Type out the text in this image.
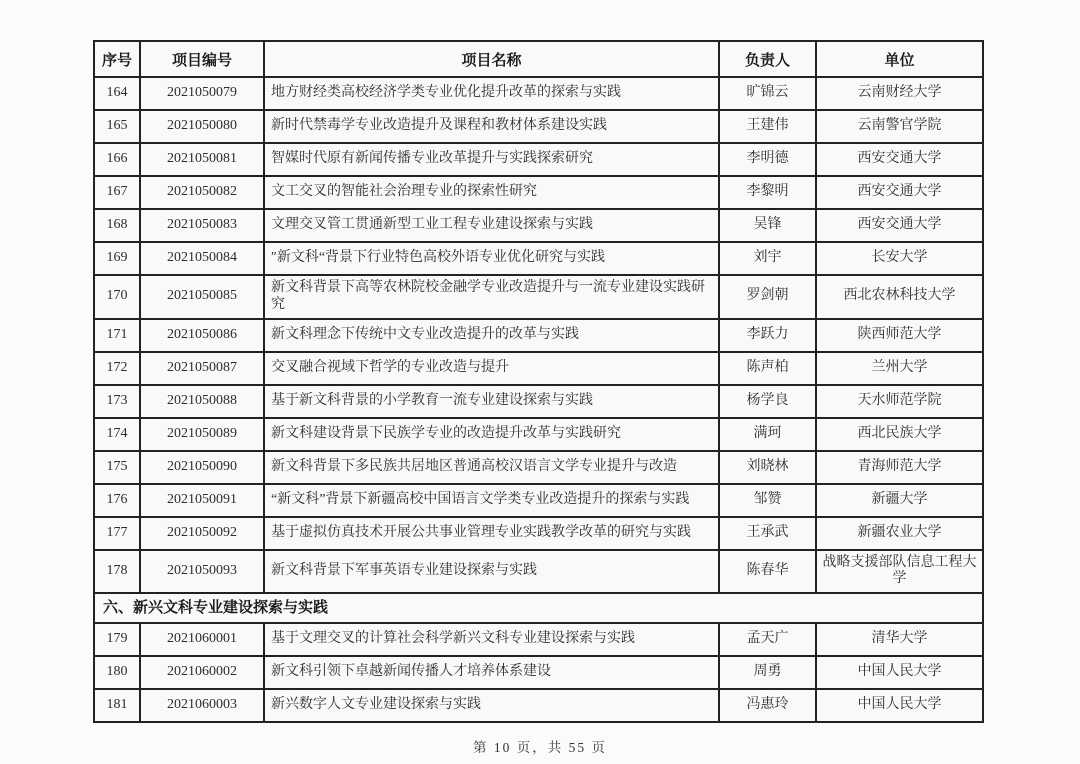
序号	项目编号	项目名称	负责人	单位
164	2021050079	地方财经类高校经济学类专业优化提升改革的探索与实践	旷锦云	云南财经大学
165	2021050080	新时代禁毒学专业改造提升及课程和教材体系建设实践	王建伟	云南警官学院
166	2021050081	智媒时代原有新闻传播专业改革提升与实践探索研究	李明德	西安交通大学
167	2021050082	文工交叉的智能社会治理专业的探索性研究	李黎明	西安交通大学
168	2021050083	文理交叉管工贯通新型工业工程专业建设探索与实践	吴锋	西安交通大学
169	2021050084	″新文科“背景下行业特色高校外语专业优化研究与实践	刘宇	长安大学
170	2021050085	新文科背景下高等农林院校金融学专业改造提升与一流专业建设实践研究	罗剑朝	西北农林科技大学
171	2021050086	新文科理念下传统中文专业改造提升的改革与实践	李跃力	陕西师范大学
172	2021050087	交叉融合视域下哲学的专业改造与提升	陈声柏	兰州大学
173	2021050088	基于新文科背景的小学教育一流专业建设探索与实践	杨学良	天水师范学院
174	2021050089	新文科建设背景下民族学专业的改造提升改革与实践研究	满珂	西北民族大学
175	2021050090	新文科背景下多民族共居地区普通高校汉语言文学专业提升与改造	刘晓林	青海师范大学
176	2021050091	“新文科”背景下新疆高校中国语言文学类专业改造提升的探索与实践	邹赞	新疆大学
177	2021050092	基于虚拟仿真技术开展公共事业管理专业实践教学改革的研究与实践	王承武	新疆农业大学
178	2021050093	新文科背景下军事英语专业建设探索与实践	陈春华	战略支援部队信息工程大学
六、新兴文科专业建设探索与实践				
179	2021060001	基于文理交叉的计算社会科学新兴文科专业建设探索与实践	孟天广	清华大学
180	2021060002	新文科引领下卓越新闻传播人才培养体系建设	周勇	中国人民大学
181	2021060003	新兴数字人文专业建设探索与实践	冯惠玲	中国人民大学
第 10 页，共 55 页
